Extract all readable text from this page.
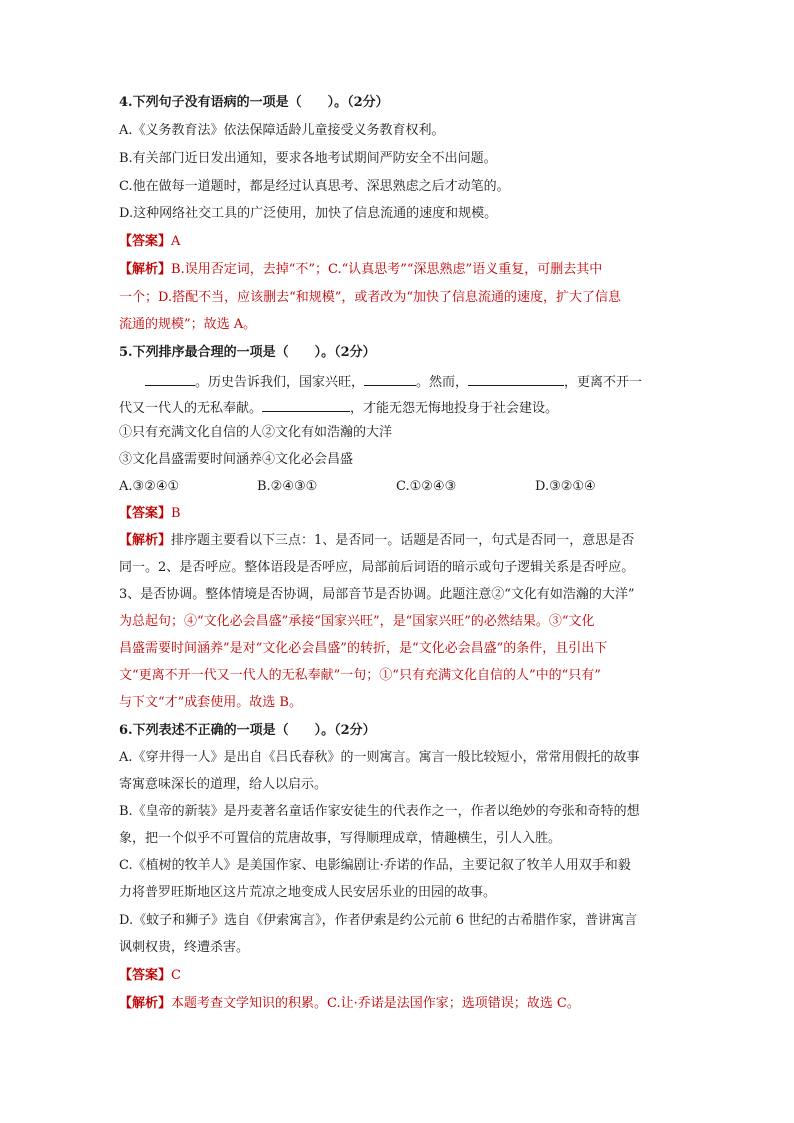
4.下列句子没有语病的一项是（　　）。（2分）
A.《义务教育法》依法保障适龄儿童接受义务教育权利。
B.有关部门近日发出通知，要求各地考试期间严防安全不出问题。
C.他在做每一道题时，都是经过认真思考、深思熟虑之后才动笔的。
D.这种网络社交工具的广泛使用，加快了信息流通的速度和规模。
【答案】A
【解析】B.误用否定词，去掉“不”；C.“认真思考”“深思熟虑”语义重复，可删去其中
一个；D.搭配不当，应该删去“和规模”，或者改为“加快了信息流通的速度，扩大了信息
流通的规模”；故选 A。
5.下列排序最合理的一项是（　　）。（2分）
。历史告诉我们，国家兴旺，	。然而，	，更离不开一
代又一代人的无私奉献。	，才能无怨无悔地投身于社会建设。
①只有充满文化自信的人②文化有如浩瀚的大洋
③文化昌盛需要时间涵养④文化必会昌盛
A.③②④①	B.②④③①	C.①②④③	D.③②①④
【答案】B
【解析】排序题主要看以下三点：1、是否同一。话题是否同一，句式是否同一，意思是否
同一。2、是否呼应。整体语段是否呼应，局部前后词语的暗示或句子逻辑关系是否呼应。
3、是否协调。整体情境是否协调，局部音节是否协调。此题注意②“文化有如浩瀚的大洋”
为总起句；④“文化必会昌盛”承接“国家兴旺”，是“国家兴旺”的必然结果。③“文化
昌盛需要时间涵养”是对“文化必会昌盛”的转折，是“文化必会昌盛”的条件，且引出下
文“更离不开一代又一代人的无私奉献”一句；①“只有充满文化自信的人”中的“只有”
与下文“才”成套使用。故选 B。
6.下列表述不正确的一项是（　　）。（2分）
A.《穿井得一人》是出自《吕氏春秋》的一则寓言。寓言一般比较短小，常常用假托的故事
寄寓意味深长的道理，给人以启示。
B.《皇帝的新装》是丹麦著名童话作家安徒生的代表作之一，作者以绝妙的夸张和奇特的想
象，把一个似乎不可置信的荒唐故事，写得顺理成章，情趣横生，引人入胜。
C.《植树的牧羊人》是美国作家、电影编剧让·乔诺的作品，主要记叙了牧羊人用双手和毅
力将普罗旺斯地区这片荒凉之地变成人民安居乐业的田园的故事。
D.《蚊子和狮子》选自《伊索寓言》，作者伊索是约公元前 6 世纪的古希腊作家，普讲寓言
讽刺权贵，终遭杀害。
【答案】C
【解析】本题考查文学知识的积累。C.让·乔诺是法国作家；选项错误；故选 C。
